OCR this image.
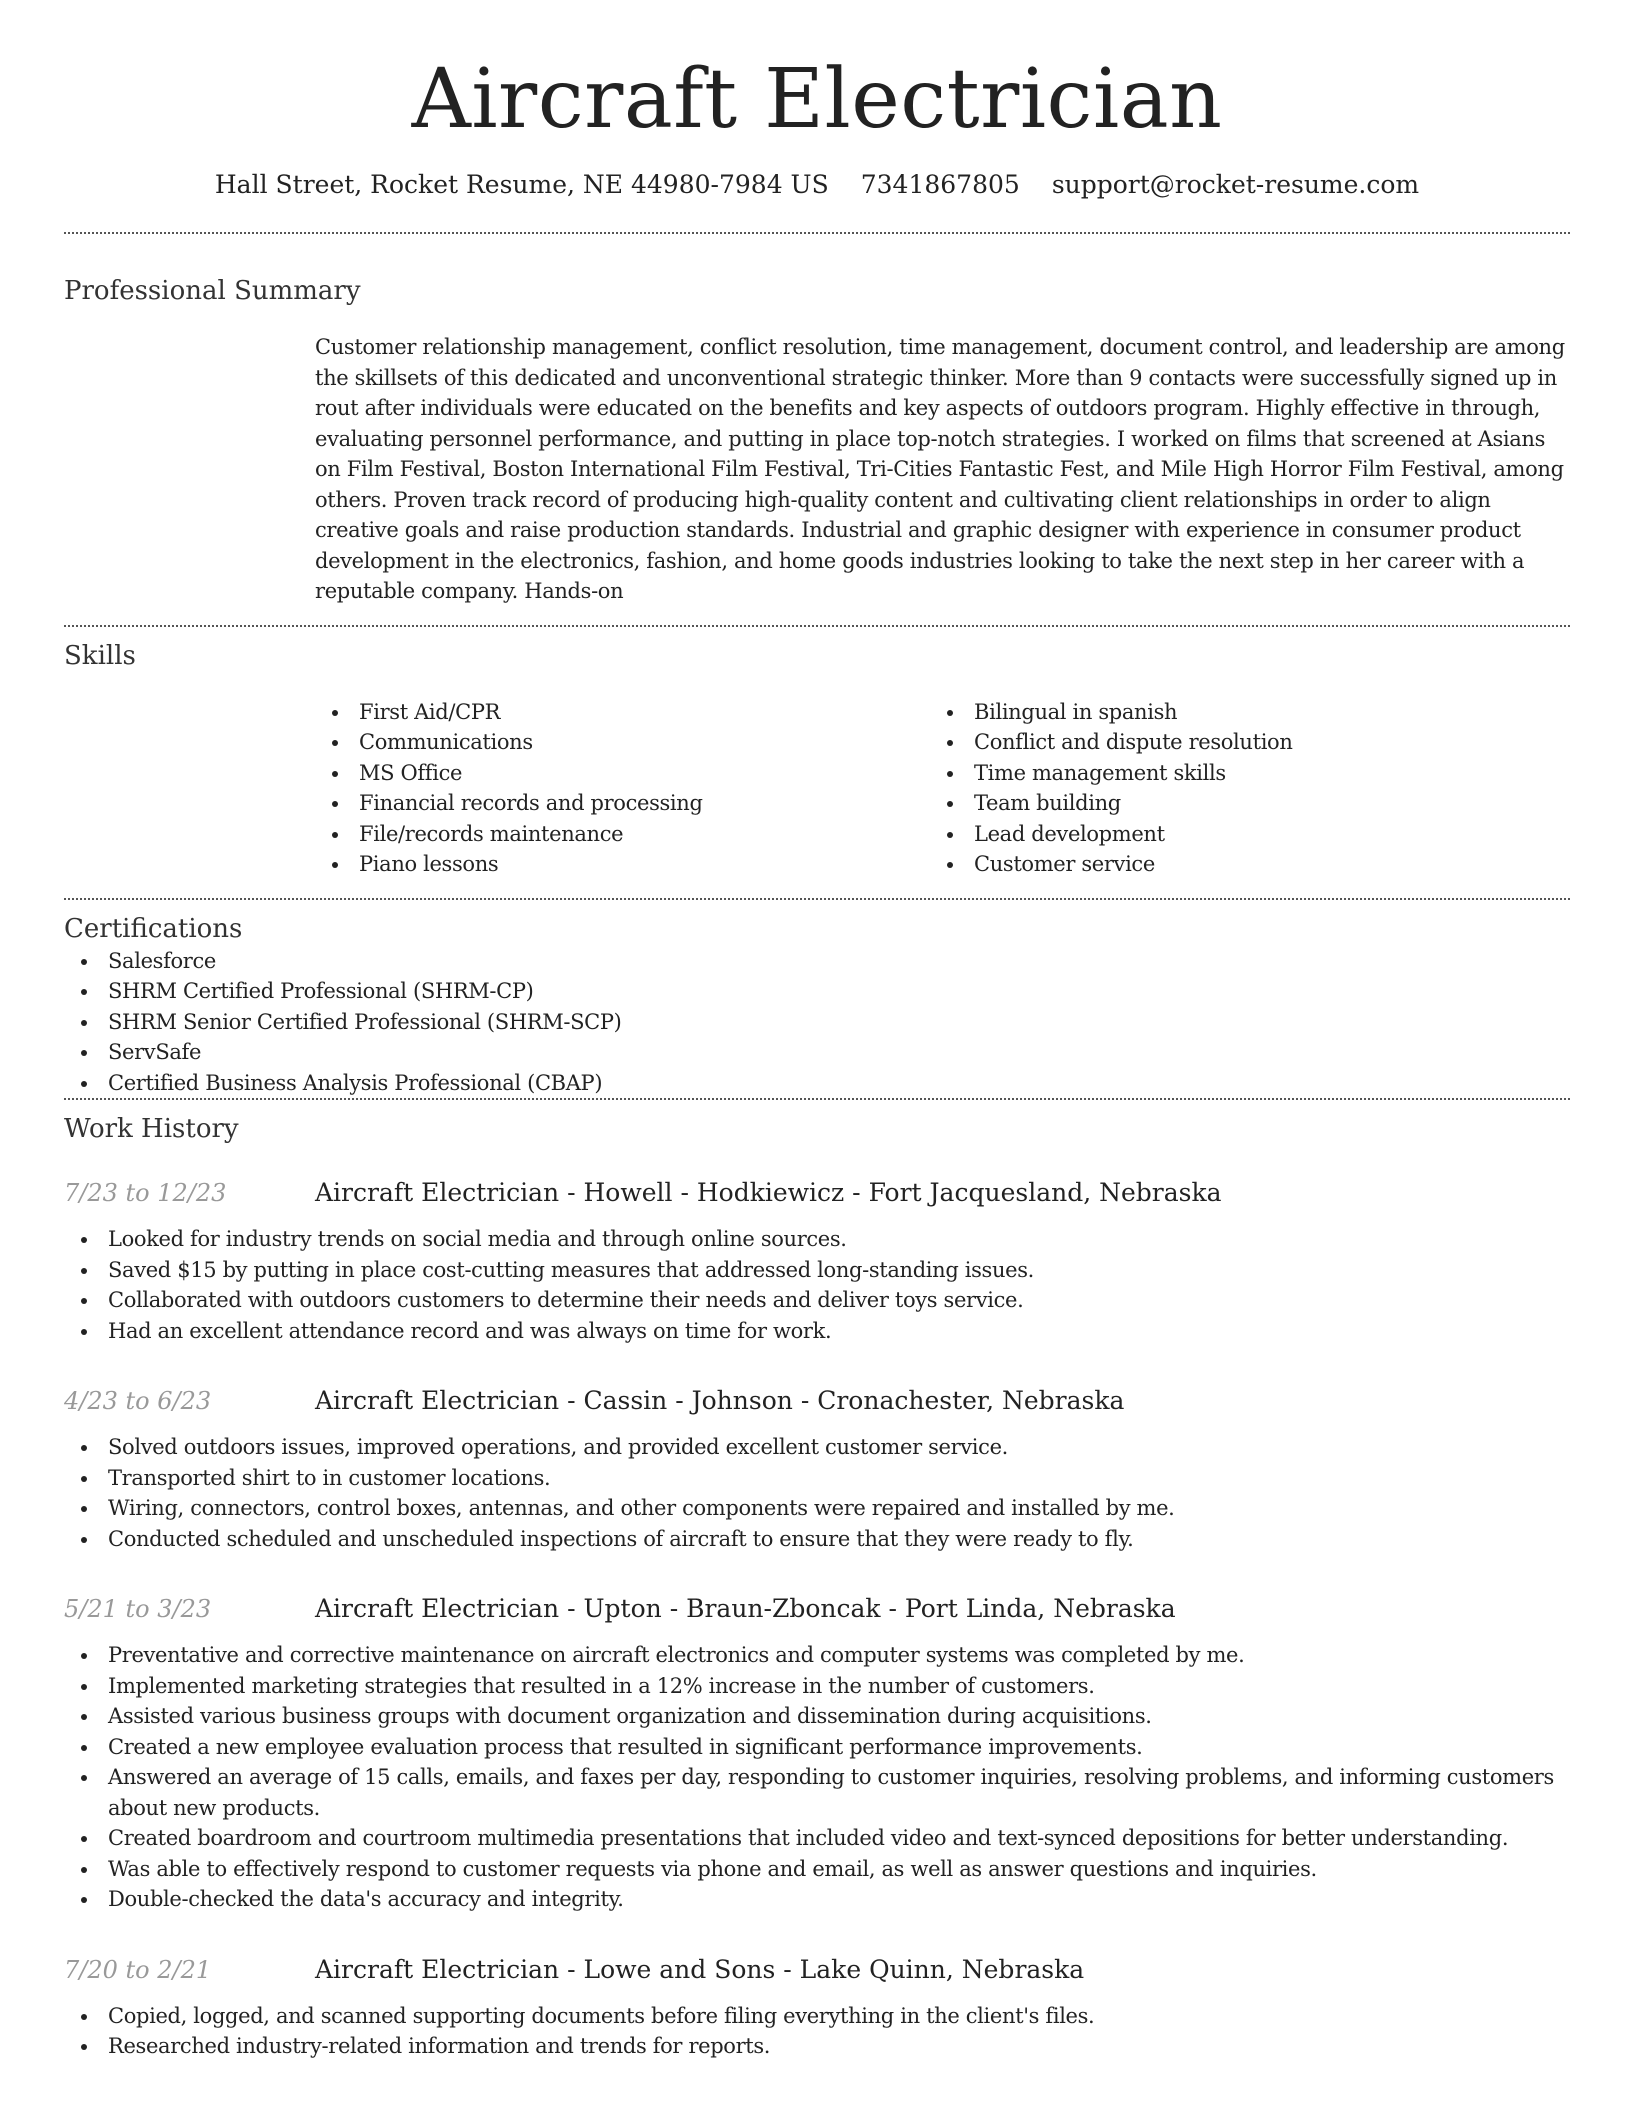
Aircraft Electrician
Hall Street, Rocket Resume, NE 44980-7984 US 7341867805 support@rocket-resume.com
Professional Summary

Customer relationship management, conflict resolution, time management, document control, and leadership are among the skillsets of this dedicated and unconventional strategic thinker. More than 9 contacts were successfully signed up in rout after individuals were educated on the benefits and key aspects of outdoors program. Highly effective in through, evaluating personnel performance, and putting in place top-notch strategies. I worked on films that screened at Asians on Film Festival, Boston International Film Festival, Tri-Cities Fantastic Fest, and Mile High Horror Film Festival, among others. Proven track record of producing high-quality content and cultivating client relationships in order to align creative goals and raise production standards. Industrial and graphic designer with experience in consumer product development in the electronics, fashion, and home goods industries looking to take the next step in her career with a reputable company. Hands-on

Skills
First Aid/CPR
Communications
MS Office
Financial records and processing
File/records maintenance
Piano lessons
Bilingual in spanish
Conflict and dispute resolution
Time management skills
Team building
Lead development
Customer service
Certifications
Salesforce
SHRM Certified Professional (SHRM-CP)
SHRM Senior Certified Professional (SHRM-SCP)
ServSafe
Certified Business Analysis Professional (CBAP)
Work History
7/23 to 12/23	Aircraft Electrician - Howell - Hodkiewicz - Fort Jacquesland, Nebraska
Looked for industry trends on social media and through online sources.
Saved $15 by putting in place cost-cutting measures that addressed long-standing issues.
Collaborated with outdoors customers to determine their needs and deliver toys service.
Had an excellent attendance record and was always on time for work.
4/23 to 6/23	Aircraft Electrician - Cassin - Johnson - Cronachester, Nebraska
Solved outdoors issues, improved operations, and provided excellent customer service.
Transported shirt to in customer locations.
Wiring, connectors, control boxes, antennas, and other components were repaired and installed by me.
Conducted scheduled and unscheduled inspections of aircraft to ensure that they were ready to fly.
5/21 to 3/23	Aircraft Electrician - Upton - Braun-Zboncak - Port Linda, Nebraska
Preventative and corrective maintenance on aircraft electronics and computer systems was completed by me.
Implemented marketing strategies that resulted in a 12% increase in the number of customers.
Assisted various business groups with document organization and dissemination during acquisitions.
Created a new employee evaluation process that resulted in significant performance improvements.
Answered an average of 15 calls, emails, and faxes per day, responding to customer inquiries, resolving problems, and informing customers about new products.
Created boardroom and courtroom multimedia presentations that included video and text-synced depositions for better understanding.
Was able to effectively respond to customer requests via phone and email, as well as answer questions and inquiries.
Double-checked the data's accuracy and integrity.
7/20 to 2/21	Aircraft Electrician - Lowe and Sons - Lake Quinn, Nebraska
Copied, logged, and scanned supporting documents before filing everything in the client's files.
Researched industry-related information and trends for reports.
